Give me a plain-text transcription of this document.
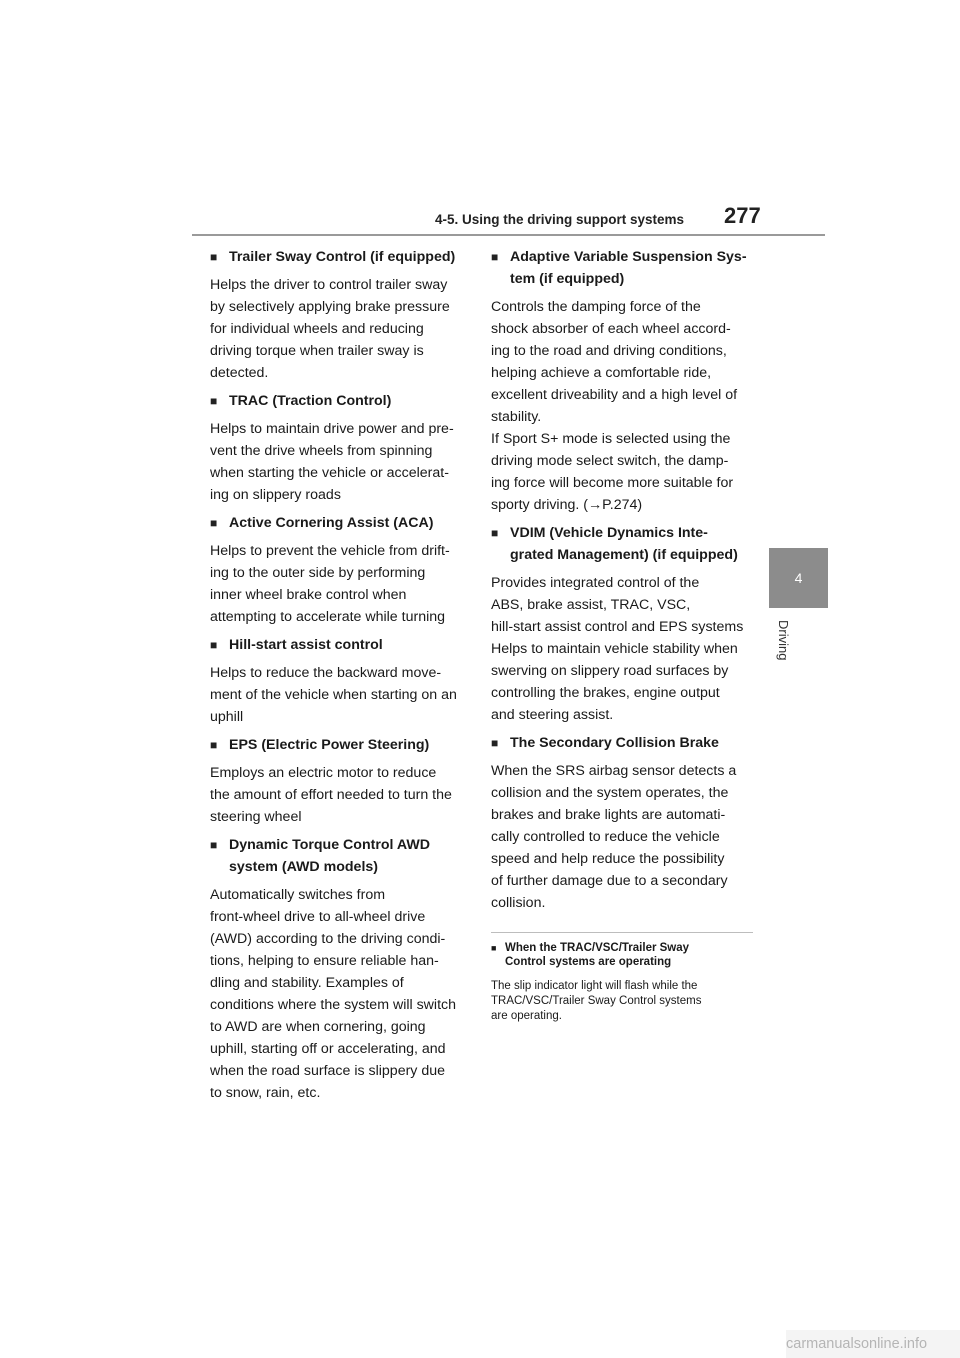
4-5. Using the driving support systems 277
4
Driving
■ Trailer Sway Control (if equipped)

Helps the driver to control trailer sway
by selectively applying brake pressure
for individual wheels and reducing
driving torque when trailer sway is
detected.

■ TRAC (Traction Control)

Helps to maintain drive power and pre-
vent the drive wheels from spinning
when starting the vehicle or accelerat-
ing on slippery roads

■ Active Cornering Assist (ACA)

Helps to prevent the vehicle from drift-
ing to the outer side by performing
inner wheel brake control when
attempting to accelerate while turning

■ Hill-start assist control

Helps to reduce the backward move-
ment of the vehicle when starting on an
uphill

■ EPS (Electric Power Steering)

Employs an electric motor to reduce
the amount of effort needed to turn the
steering wheel

■ Dynamic Torque Control AWD
system (AWD models)

Automatically switches from
front-wheel drive to all-wheel drive
(AWD) according to the driving condi-
tions, helping to ensure reliable han-
dling and stability. Examples of
conditions where the system will switch
to AWD are when cornering, going
uphill, starting off or accelerating, and
when the road surface is slippery due
to snow, rain, etc.

■ Adaptive Variable Suspension Sys-
tem (if equipped)

Controls the damping force of the
shock absorber of each wheel accord-
ing to the road and driving conditions,
helping achieve a comfortable ride,
excellent driveability and a high level of
stability.
If Sport S+ mode is selected using the
driving mode select switch, the damp-
ing force will become more suitable for
sporty driving. (→P.274)

■ VDIM (Vehicle Dynamics Inte-
grated Management) (if equipped)

Provides integrated control of the
ABS, brake assist, TRAC, VSC,
hill-start assist control and EPS systems
Helps to maintain vehicle stability when
swerving on slippery road surfaces by
controlling the brakes, engine output
and steering assist.

■ The Secondary Collision Brake

When the SRS airbag sensor detects a
collision and the system operates, the
brakes and brake lights are automati-
cally controlled to reduce the vehicle
speed and help reduce the possibility
of further damage due to a secondary
collision.

■ When the TRAC/VSC/Trailer Sway
Control systems are operating
The slip indicator light will flash while the
TRAC/VSC/Trailer Sway Control systems
are operating.
carmanualsonline.info
